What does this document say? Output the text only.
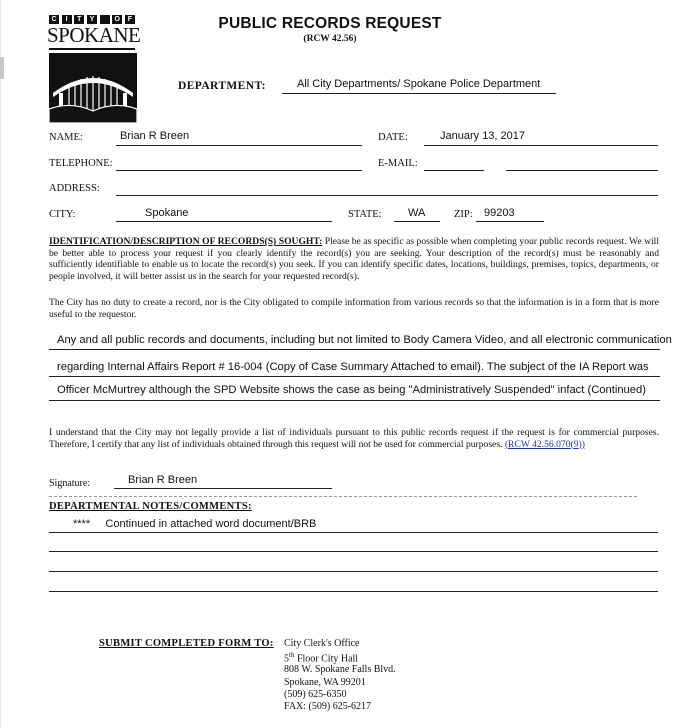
C	I	T	Y	O	F
SPOKANE	PUBLIC RECORDS REQUEST
(RCW 42.56)
DEPARTMENT:	All City Departments/ Spokane Police Department
NAME:	Brian R Breen	DATE:	January 13, 2017
TELEPHONE:	E-MAIL:
ADDRESS:
CITY:	Spokane	STATE: WA	ZIP: 99203
IDENTIFICATION/DESCRIPTION OF RECORDS(S) SOUGHT: Please be as specific as possible when completing your public records request. We will be better able to process your request if you clearly identify the record(s) you are seeking. Your description of the record(s) must be reasonably and sufficiently identifiable to enable us to locate the record(s) you seek. If you can identify specific dates, locations, buildings, premises, topics, departments, or people involved, it will better assist us in the search for your requested record(s).
The City has no duty to create a record, nor is the City obligated to compile information from various records so that the information is in a form that is more useful to the requestor.
Any and all public records and documents, including but not limited to Body Camera Video, and all electronic communication
regarding Internal Affairs Report # 16-004 (Copy of Case Summary Attached to email). The subject of the IA Report was
Officer McMurtrey although the SPD Website shows the case as being "Administratively Suspended" infact (Continued)
I understand that the City may not legally provide a list of individuals pursuant to this public records request if the request is for commercial purposes. Therefore, I certify that any list of individuals obtained through this request will not be used for commercial purposes. (RCW 42.56.070(9))
Signature:	Brian R Breen
DEPARTMENTAL NOTES/COMMENTS:
****     Continued in attached word document/BRB
SUBMIT COMPLETED FORM TO: City Clerk's Office
5th Floor City Hall
808 W. Spokane Falls Blvd.
Spokane, WA 99201
(509) 625-6350
FAX: (509) 625-6217
